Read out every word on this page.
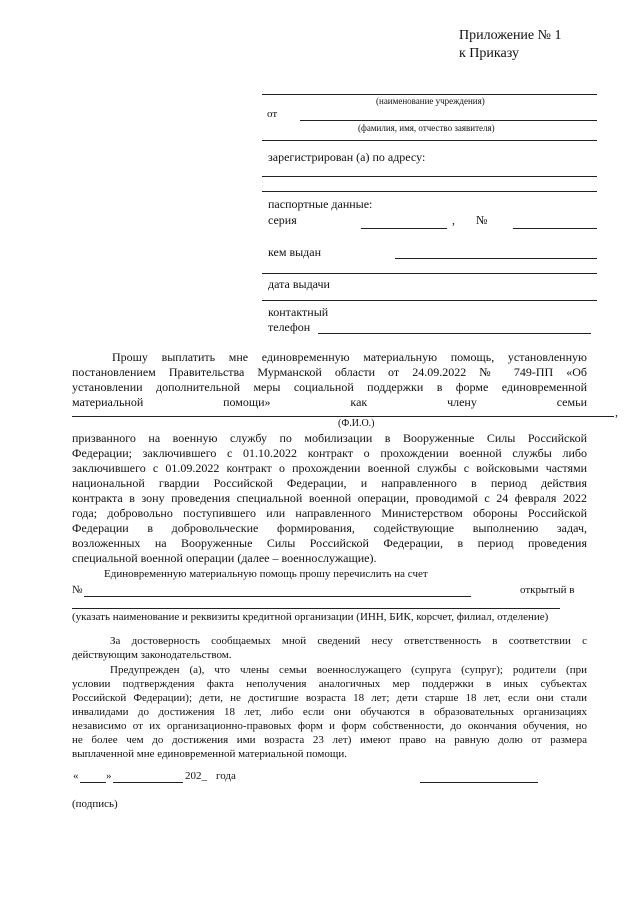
Приложение № 1
к Приказу
(наименование учреждения)
от
(фамилия, имя, отчество заявителя)
зарегистрирован (а) по адресу:
паспортные данные:
серия	, №
кем выдан
дата выдачи
контактный
телефон
Прошу выплатить мне единовременную материальную помощь, установленную
постановлением Правительства Мурманской области от 24.09.2022 № 749-ПП «Об
установлении дополнительной меры социальной поддержки в форме единовременной
материальной помощи» как члену семьи
,
(Ф.И.О.)
призванного на военную службу по мобилизации в Вооруженные Силы Российской
Федерации; заключившего с 01.10.2022 контракт о прохождении военной службы либо
заключившего с 01.09.2022 контракт о прохождении военной службы с войсковыми частями
национальной гвардии Российской Федерации, и направленного в период действия
контракта в зону проведения специальной военной операции, проводимой с 24 февраля 2022
года; добровольно поступившего или направленного Министерством обороны Российской
Федерации в добровольческие формирования, содействующие выполнению задач,
возложенных на Вооруженные Силы Российской Федерации, в период проведения
специальной военной операции (далее – военнослужащие).
Единовременную материальную помощь прошу перечислить на счет
№	открытый в
(указать наименование и реквизиты кредитной организации (ИНН, БИК, корсчет, филиал, отделение)
За достоверность сообщаемых мной сведений несу ответственность в соответствии с
действующим законодательством.
Предупрежден (а), что члены семьи военнослужащего (супруга (супруг); родители (при
условии подтверждения факта неполучения аналогичных мер поддержки в иных субъектах
Российской Федерации); дети, не достигшие возраста 18 лет; дети старше 18 лет, если они стали
инвалидами до достижения 18 лет, либо если они обучаются в образовательных организациях
независимо от их организационно-правовых форм и форм собственности, до окончания обучения, но
не более чем до достижения ими возраста 23 лет) имеют право на равную долю от размера
выплаченной мне единовременной материальной помощи.
«	»	202_ года
(подпись)
